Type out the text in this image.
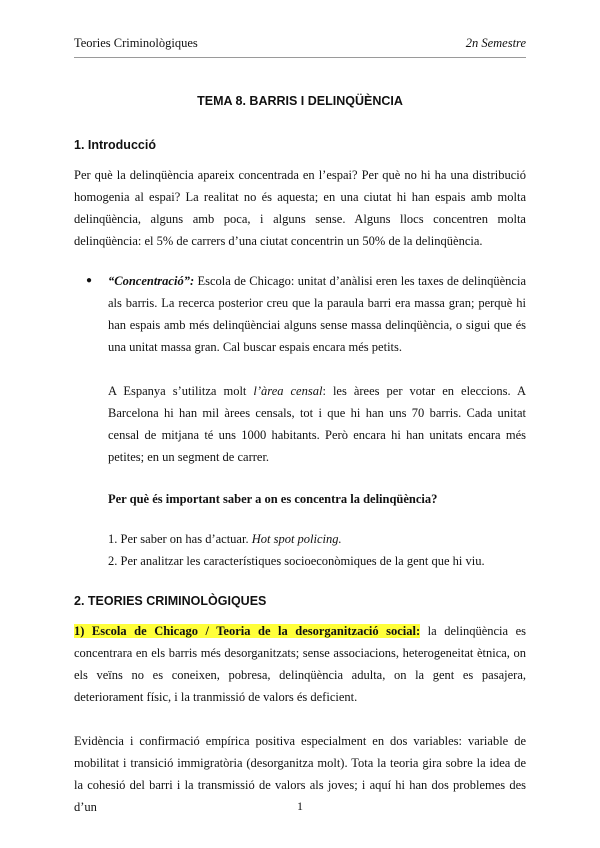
Teories Criminològiques	2n Semestre
TEMA 8. BARRIS I DELINQÜÈNCIA
1. Introducció

Per què la delinqüència apareix concentrada en l’espai? Per què no hi ha una distribució homogenia al espai? La realitat no és aquesta; en una ciutat hi han espais amb molta delinqüència, alguns amb poca, i alguns sense. Alguns llocs concentren molta delinqüència: el 5% de carrers d’una ciutat concentrin un 50% de la delinqüència.

● “Concentració”: Escola de Chicago: unitat d’anàlisi eren les taxes de delinqüència als barris. La recerca posterior creu que la paraula barri era massa gran; perquè hi han espais amb més delinqüènciai alguns sense massa delinqüència, o sigui que és una unitat massa gran. Cal buscar espais encara més petits.

A Espanya s’utilitza molt l’àrea censal: les àrees per votar en eleccions. A Barcelona hi han mil àrees censals, tot i que hi han uns 70 barris. Cada unitat censal de mitjana té uns 1000 habitants. Però encara hi han unitats encara més petites; en un segment de carrer.

Per què és important saber a on es concentra la delinqüència?

1. Per saber on has d’actuar. Hot spot policing.

2. Per analitzar les característiques socioeconòmiques de la gent que hi viu.

2. TEORIES CRIMINOLÒGIQUES

1) Escola de Chicago / Teoria de la desorganització social: la delinqüència es concentrara en els barris més desorganitzats; sense associacions, heterogeneitat ètnica, on els veïns no es coneixen, pobresa, delinqüència adulta, on la gent es pasajera, deteriorament físic, i la tranmissió de valors és deficient.

Evidència i confirmació empírica positiva especialment en dos variables: variable de mobilitat i transició immigratòria (desorganitza molt). Tota la teoria gira sobre la idea de la cohesió del barri i la transmissió de valors als joves; i aquí hi han dos problemes des d’un	1
